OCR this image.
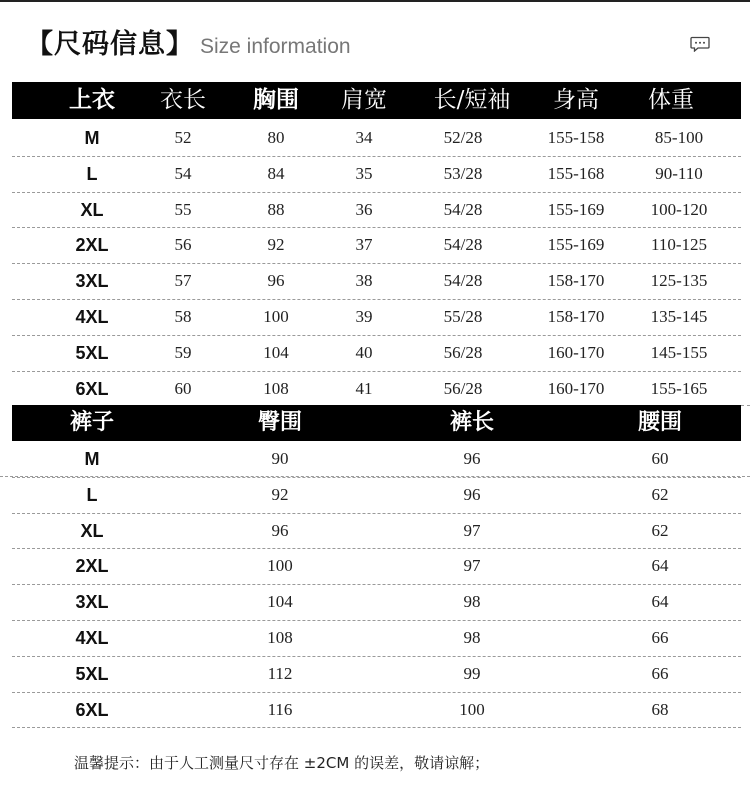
【尺码信息】 Size information
上衣 衣长 胸围 肩宽 长/短袖 身高 体重
M	52	80	34	52/28	155-158	85-100
L	54	84	35	53/28	155-168	90-110
XL	55	88	36	54/28	155-169	100-120
2XL	56	92	37	54/28	155-169	110-125
3XL	57	96	38	54/28	158-170	125-135
4XL	58	100	39	55/28	158-170	135-145
5XL	59	104	40	56/28	160-170	145-155
6XL	60	108	41	56/28	160-170	155-165
裤子	臀围	裤长	腰围
M	90	96	60
L	92	96	62
XL	96	97	62
2XL	100	97	64
3XL	104	98	64
4XL	108	98	66
5XL	112	99	66
6XL	116	100	68
温馨提示：由于人工测量尺寸存在 ±2CM 的误差，敬请谅解；
